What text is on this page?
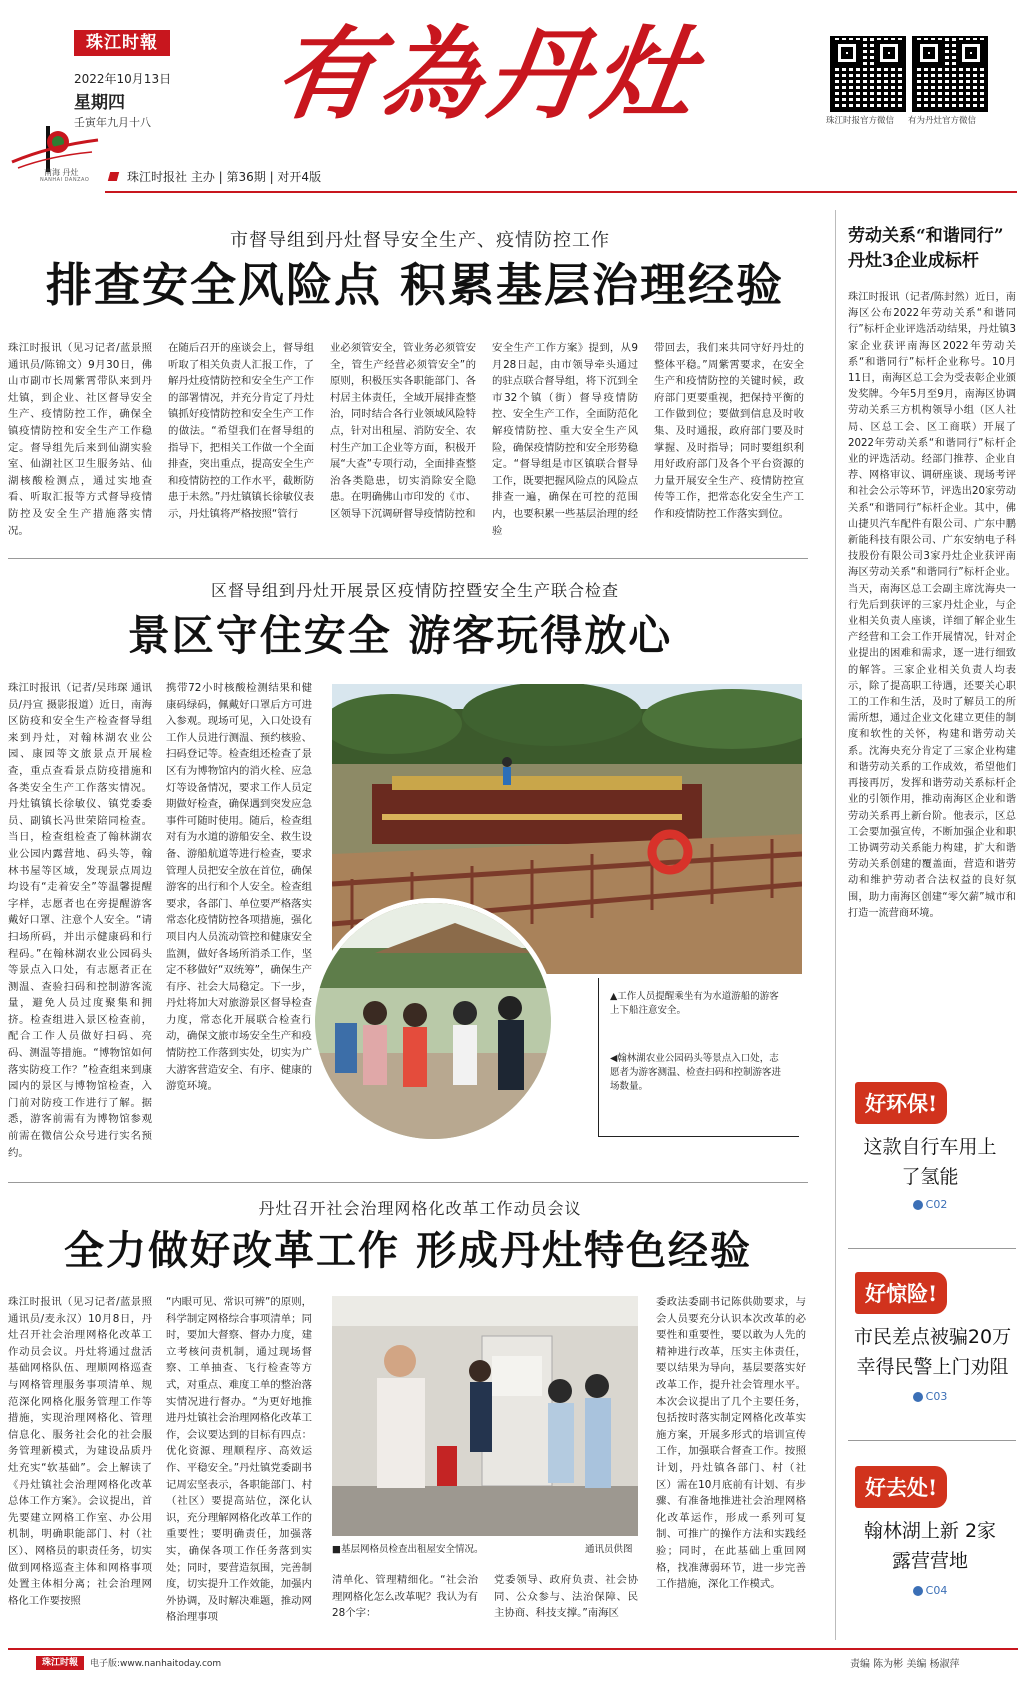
珠江时報
2022年10月13日
星期四
壬寅年九月十八
南海 丹灶
NANHAI DANZAO
有為丹灶	珠江时报官方微信 有为丹灶官方微信
珠江时报社 主办 | 第36期 | 对开4版
市督导组到丹灶督导安全生产、疫情防控工作
排查安全风险点 积累基层治理经验
珠江时报讯（见习记者/蓝景照 通讯员/陈锦文）9月30日，佛山市副市长周紫霄带队来到丹灶镇，到企业、社区督导安全生产、疫情防控工作，确保全镇疫情防控和安全生产工作稳定。督导组先后来到仙湖实验室、仙湖社区卫生服务站、仙湖核酸检测点，通过实地查看、听取汇报等方式督导疫情防控及安全生产措施落实情况。
在随后召开的座谈会上，督导组听取了相关负责人汇报工作，了解丹灶疫情防控和安全生产工作的部署情况，并充分肯定了丹灶镇抓好疫情防控和安全生产工作的做法。“希望我们在督导组的指导下，把相关工作做一个全面排查，突出重点，提高安全生产和疫情防控的工作水平，截断防患于未然。”丹灶镇镇长徐敏仪表示，丹灶镇将严格按照“管行
业必须管安全，管业务必须管安全，管生产经营必须管安全”的原则，积极压实各职能部门、各村居主体责任，全域开展排查整治，同时结合各行业领域风险特点，针对出租屋、消防安全、农村生产加工企业等方面，积极开展“大查”专项行动，全面排查整治各类隐患，切实消除安全隐患。在明确佛山市印发的《市、区领导下沉调研督导疫情防控和
安全生产工作方案》提到，从9月28日起，由市领导牵头通过的驻点联合督导组，将下沉到全市32个镇（街）督导疫情防控、安全生产工作，全面防范化解疫情防控、重大安全生产风险，确保疫情防控和安全形势稳定。“督导组是市区镇联合督导工作，既要把握风险点的风险点排查一遍，确保在可控的范围内，也要积累一些基层治理的经验
带回去，我们来共同守好丹灶的整体平稳。”周紫霄要求，在安全生产和疫情防控的关键时候，政府部门更要重视，把保持平衡的工作做到位；要做到信息及时收集、及时通报，政府部门要及时掌握、及时指导；同时要组织利用好政府部门及各个平台资源的力量开展安全生产、疫情防控宣传等工作，把常态化安全生产工作和疫情防控工作落实到位。
区督导组到丹灶开展景区疫情防控暨安全生产联合检查
景区守住安全 游客玩得放心
珠江时报讯（记者/吴玮琛 通讯员/丹宣 摄影报道）近日，南海区防疫和安全生产检查督导组来到丹灶，对翰林湖农业公园、康园等文旅景点开展检查，重点查看景点防疫措施和各类安全生产工作落实情况。丹灶镇镇长徐敏仪、镇党委委员、副镇长冯世荣陪同检查。当日，检查组检查了翰林湖农业公园内露营地、码头等，翰林书屋等区域，发现景点周边均设有“走着安全”等温馨提醒字样，志愿者也在旁提醒游客戴好口罩、注意个人安全。“请扫场所码，并出示健康码和行程码。”在翰林湖农业公园码头等景点入口处，有志愿者正在测温、查验扫码和控制游客流量，避免人员过度聚集和拥挤。检查组进入景区检查前，配合工作人员做好扫码、亮码、测温等措施。“博物馆如何落实防疫工作？”检查组来到康园内的景区与博物馆检查，入门前对防疫工作进行了解。据悉，游客前需有为博物馆参观前需在微信公众号进行实名预约。
携带72小时核酸检测结果和健康码绿码，佩戴好口罩后方可进入参观。现场可见，入口处设有工作人员进行测温、预约核验、扫码登记等。检查组还检查了景区有为博物馆内的消火栓、应急灯等设备情况，要求工作人员定期做好检查，确保遇到突发应急事件可随时使用。随后，检查组对有为水道的游船安全、救生设备、游船航道等进行检查，要求管理人员把安全放在首位，确保游客的出行和个人安全。检查组要求，各部门、单位要严格落实常态化疫情防控各项措施，强化项目内人员流动管控和健康安全监测，做好各场所消杀工作，坚定不移做好“双统筹”，确保生产有序、社会大局稳定。下一步，丹灶将加大对旅游景区督导检查力度，常态化开展联合检查行动，确保文旅市场安全生产和疫情防控工作落到实处，切实为广大游客营造安全、有序、健康的游览环境。
▲工作人员提醒乘坐有为水道游船的游客上下船注意安全。
◀翰林湖农业公园码头等景点入口处，志愿者为游客测温、检查扫码和控制游客进场数量。
丹灶召开社会治理网格化改革工作动员会议
全力做好改革工作 形成丹灶特色经验
珠江时报讯（见习记者/蓝景照 通讯员/麦永汉）10月8日，丹灶召开社会治理网格化改革工作动员会议。丹灶将通过盘活基础网格队伍、理顺网格巡查与网格管理服务事项清单、规范深化网格化服务管理工作等措施，实现治理网格化、管理信息化、服务社会化的社会服务管理新模式，为建设品质丹灶充实“软基础”。会上解读了《丹灶镇社会治理网格化改革总体工作方案》。会议提出，首先要建立网格工作室、办公用机制，明确职能部门、村（社区）、网格员的职责任务，切实做到网格巡查主体和网格事项处置主体相分离；社会治理网格化工作要按照
“内眼可见、常识可辨”的原则，科学制定网格综合事项清单；同时，要加大督察、督办力度，建立考核问责机制，通过现场督察、工单抽查、飞行检查等方式，对重点、难度工单的整治落实情况进行督办。“为更好地推进丹灶镇社会治理网格化改革工作，会议要达到的目标有四点：优化资源、理顺程序、高效运作、平稳安全。”丹灶镇党委副书记周宏坚表示，各职能部门、村（社区）要提高站位，深化认识，充分理解网格化改革工作的重要性；要明确责任，加强落实，确保各项工作任务落到实处；同时，要营造氛围，完善制度，切实提升工作效能，加强内外协调，及时解决难题，推动网格治理事项
■基层网格员检查出租屋安全情况。	通讯员供图
清单化、管理精细化。“社会治理网格化怎么改革呢？我认为有28个字：
党委领导、政府负责、社会协同、公众参与、法治保障、民主协商、科技支撑。”南海区
委政法委副书记陈供勋要求，与会人员要充分认识本次改革的必要性和重要性，要以敢为人先的精神进行改革，压实主体责任，要以结果为导向，基层要落实好改革工作，提升社会管理水平。本次会议提出了几个主要任务，包括按时落实制定网格化改革实施方案，开展多形式的培训宣传工作，加强联合督查工作。按照计划，丹灶镇各部门、村（社区）需在10月底前有计划、有步骤、有准备地推进社会治理网格化改革运作，形成一系列可复制、可推广的操作方法和实践经验；同时，在此基础上重回网格，找准薄弱环节，进一步完善工作措施，深化工作模式。
劳动关系“和谐同行” 丹灶3企业成标杆
珠江时报讯（记者/陈封然）近日，南海区公布2022年劳动关系“和谐同行”标杆企业评选活动结果，丹灶镇3家企业获评南海区2022年劳动关系“和谐同行”标杆企业称号。10月11日，南海区总工会为受表彰企业颁发奖牌。今年5月至9月，南海区协调劳动关系三方机构领导小组（区人社局、区总工会、区工商联）开展了2022年劳动关系“和谐同行”标杆企业的评选活动。经部门推荐、企业自荐、网格审议、调研座谈、现场考评和社会公示等环节，评选出20家劳动关系“和谐同行”标杆企业。其中，佛山捷贝汽车配件有限公司、广东中鹏新能科技有限公司、广东安纳电子科技股份有限公司3家丹灶企业获评南海区劳动关系“和谐同行”标杆企业。当天，南海区总工会副主席沈海央一行先后到获评的三家丹灶企业，与企业相关负责人座谈，详细了解企业生产经营和工会工作开展情况，针对企业提出的困难和需求，逐一进行细致的解答。三家企业相关负责人均表示，除了提高职工待遇，还要关心职工的工作和生活，及时了解员工的所需所想，通过企业文化建立更佳的制度和软性的关怀，构建和谐劳动关系。沈海央充分肯定了三家企业构建和谐劳动关系的工作成效，希望他们再接再厉，发挥和谐劳动关系标杆企业的引领作用，推动南海区企业和谐劳动关系再上新台阶。他表示，区总工会要加强宣传，不断加强企业和职工协调劳动关系能力构建，扩大和谐劳动关系创建的覆盖面，营造和谐劳动和维护劳动者合法权益的良好氛围，助力南海区创建“零欠薪”城市和打造一流营商环境。
好环保!
这款自行车用上了氢能
C02
好惊险!
市民差点被骗20万 幸得民警上门劝阻
C03
好去处!
翰林湖上新 2家露营营地
C04
珠江时報	电子版:www.nanhaitoday.com	责编 陈为彬 美编 杨淑萍
